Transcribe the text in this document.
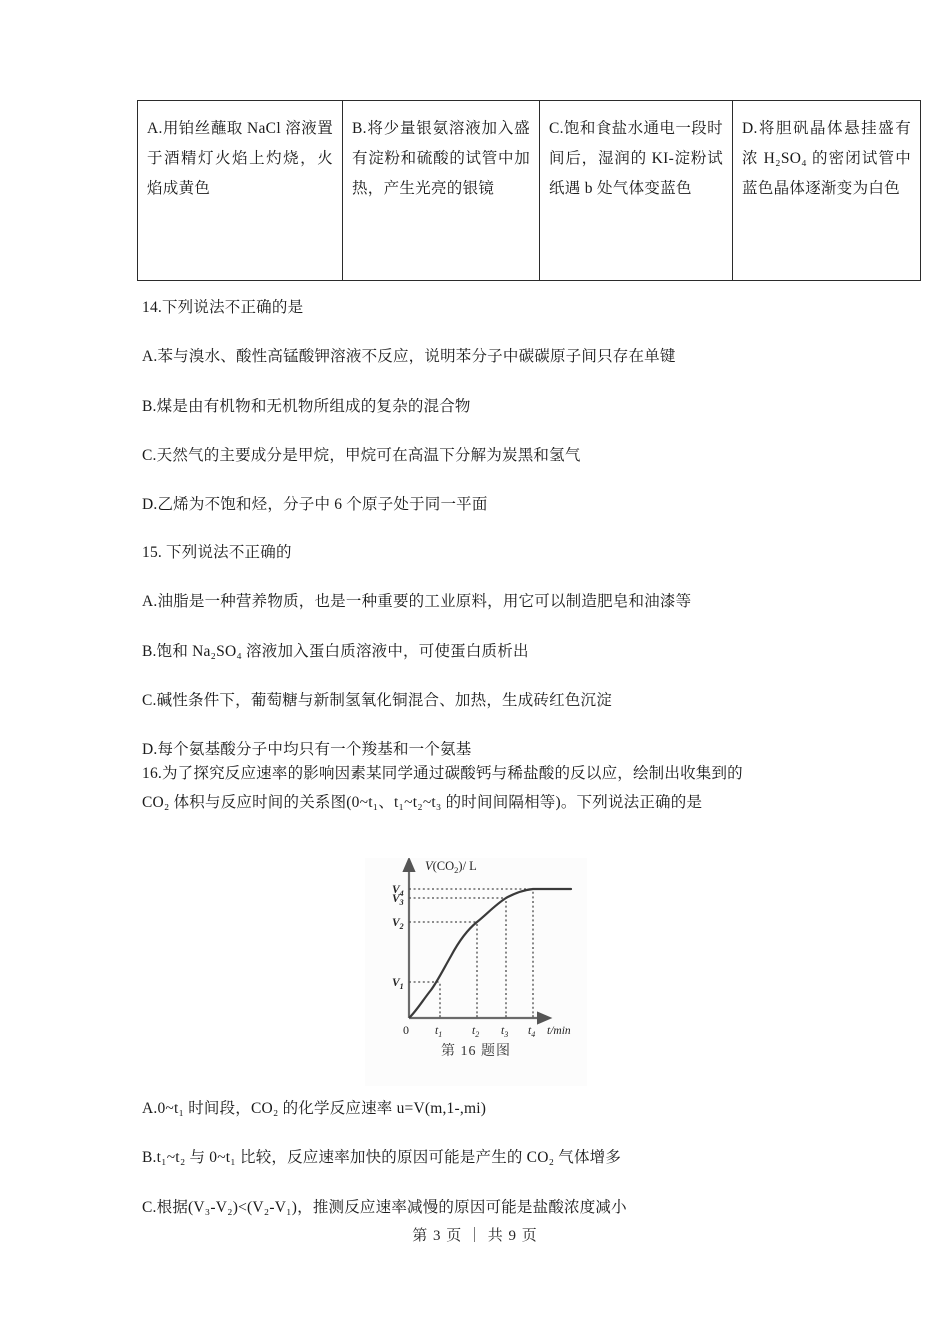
A.用铂丝蘸取 NaCl 溶液置于酒精灯火焰上灼烧，火焰成黄色	B.将少量银氨溶液加入盛有淀粉和硫酸的试管中加热，产生光亮的银镜	C.饱和食盐水通电一段时间后，湿润的 KI-淀粉试纸遇 b 处气体变蓝色	D.将胆矾晶体悬挂盛有浓 H₂SO₄ 的密闭试管中蓝色晶体逐渐变为白色

14.下列说法不正确的是

A.苯与溴水、酸性高锰酸钾溶液不反应，说明苯分子中碳碳原子间只存在单键

B.煤是由有机物和无机物所组成的复杂的混合物

C.天然气的主要成分是甲烷，甲烷可在高温下分解为炭黑和氢气

D.乙烯为不饱和烃，分子中 6 个原子处于同一平面

15. 下列说法不正确的

A.油脂是一种营养物质，也是一种重要的工业原料，用它可以制造肥皂和油漆等

B.饱和 Na₂SO₄ 溶液加入蛋白质溶液中，可使蛋白质析出

C.碱性条件下，葡萄糖与新制氢氧化铜混合、加热，生成砖红色沉淀

D.每个氨基酸分子中均只有一个羧基和一个氨基

16.为了探究反应速率的影响因素某同学通过碳酸钙与稀盐酸的反以应，绘制出收集到的

CO₂ 体积与反应时间的关系图(0~t₁、t₁~t₂~t₃ 的时间间隔相等)。下列说法正确的是

$V(CO_2)/$ L
$V_4$
$V_3$
$V_2$
$V_1$
0 $t_1$	$t_2$ $t_3$ $t_4$ t/min
第 16 题图

A.0~t₁ 时间段，CO₂ 的化学反应速率 u=V(m,1-,mi)

B.t₁~t₂ 与 0~t₁ 比较，反应速率加快的原因可能是产生的 CO₂ 气体增多

C.根据(V₃-V₂)<(V₂-V₁)，推测反应速率减慢的原因可能是盐酸浓度减小

第 3 页 ｜ 共 9 页
